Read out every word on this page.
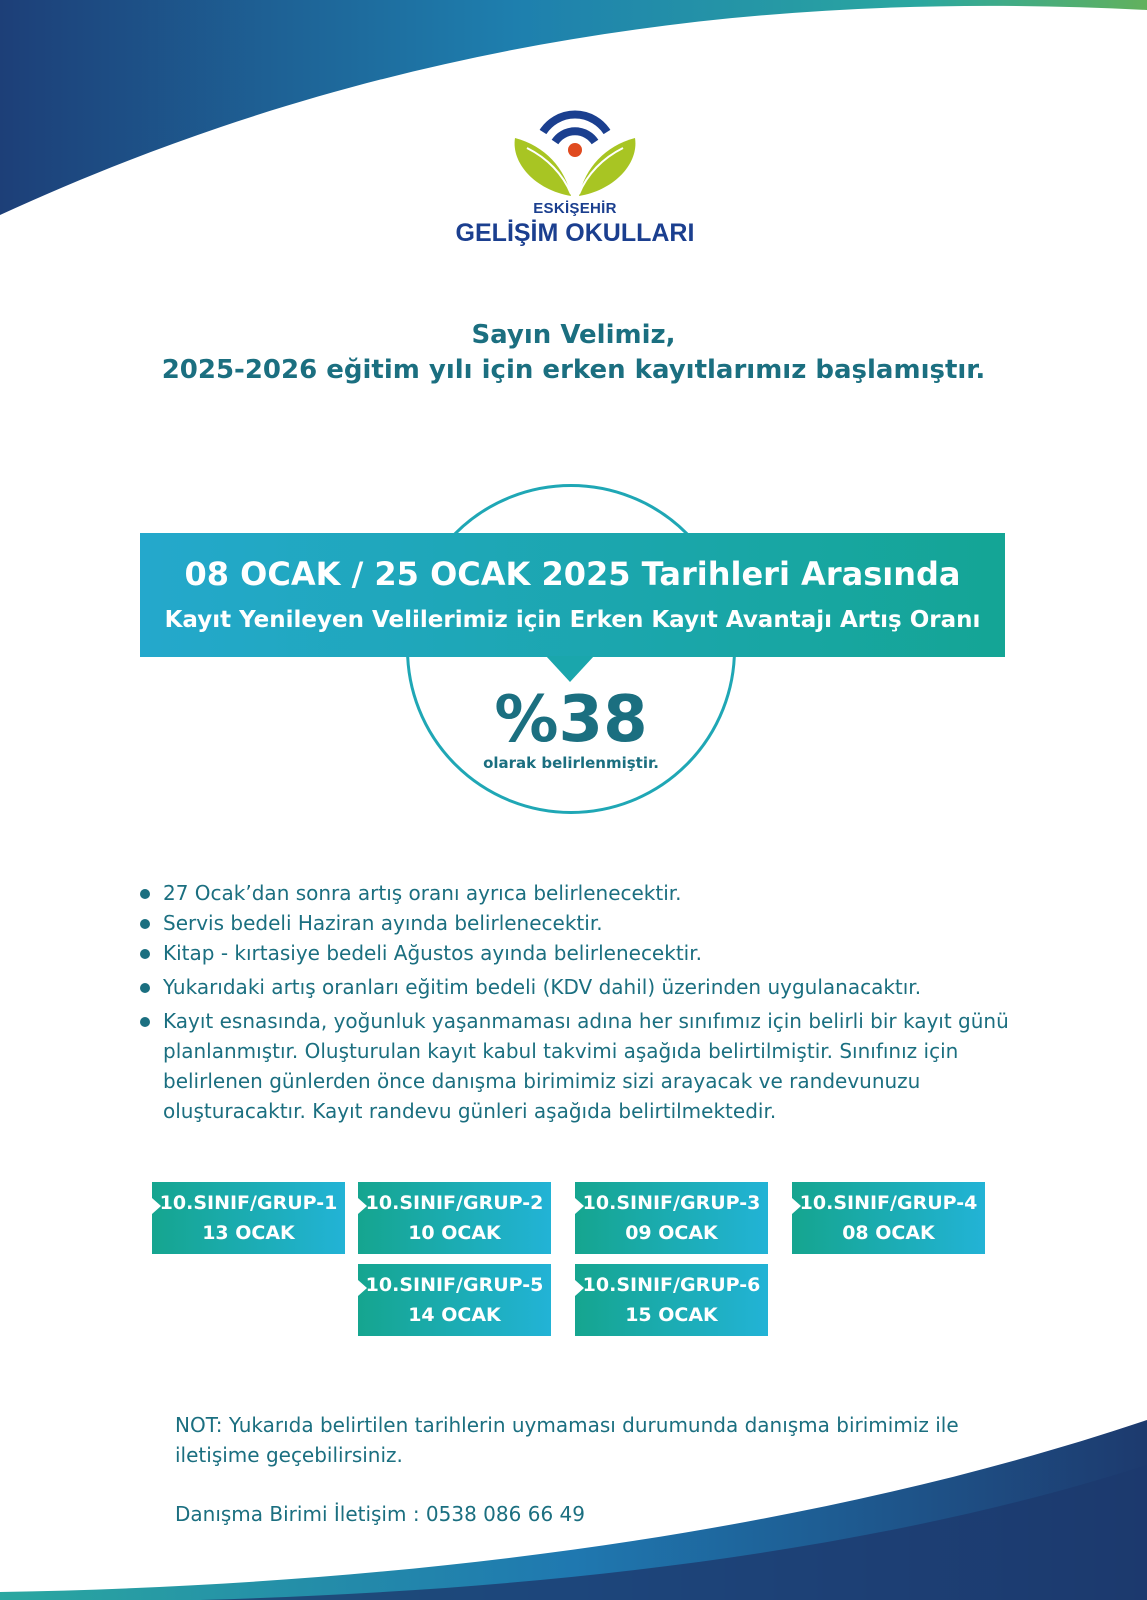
ESKİŞEHİR
GELİŞİM OKULLARI
Sayın Velimiz,
2025-2026 eğitim yılı için erken kayıtlarımız başlamıştır.
08 OCAK / 25 OCAK 2025 Tarihleri Arasında
Kayıt Yenileyen Velilerimiz için Erken Kayıt Avantajı Artış Oranı
%38
olarak belirlenmiştir.
27 Ocak’dan sonra artış oranı ayrıca belirlenecektir.
Servis bedeli Haziran ayında belirlenecektir.
Kitap - kırtasiye bedeli Ağustos ayında belirlenecektir.
Yukarıdaki artış oranları eğitim bedeli (KDV dahil) üzerinden uygulanacaktır.
Kayıt esnasında, yoğunluk yaşanmaması adına her sınıfımız için belirli bir kayıt günü planlanmıştır. Oluşturulan kayıt kabul takvimi aşağıda belirtilmiştir. Sınıfınız için belirlenen günlerden önce danışma birimimiz sizi arayacak ve randevunuzu oluşturacaktır. Kayıt randevu günleri aşağıda belirtilmektedir.
10.SINIF/GRUP-1
13 OCAK
10.SINIF/GRUP-2
10 OCAK
10.SINIF/GRUP-3
09 OCAK
10.SINIF/GRUP-4
08 OCAK
10.SINIF/GRUP-5
14 OCAK
10.SINIF/GRUP-6
15 OCAK
NOT: Yukarıda belirtilen tarihlerin uymaması durumunda danışma birimimiz ile iletişime geçebilirsiniz.
Danışma Birimi İletişim : 0538 086 66 49
